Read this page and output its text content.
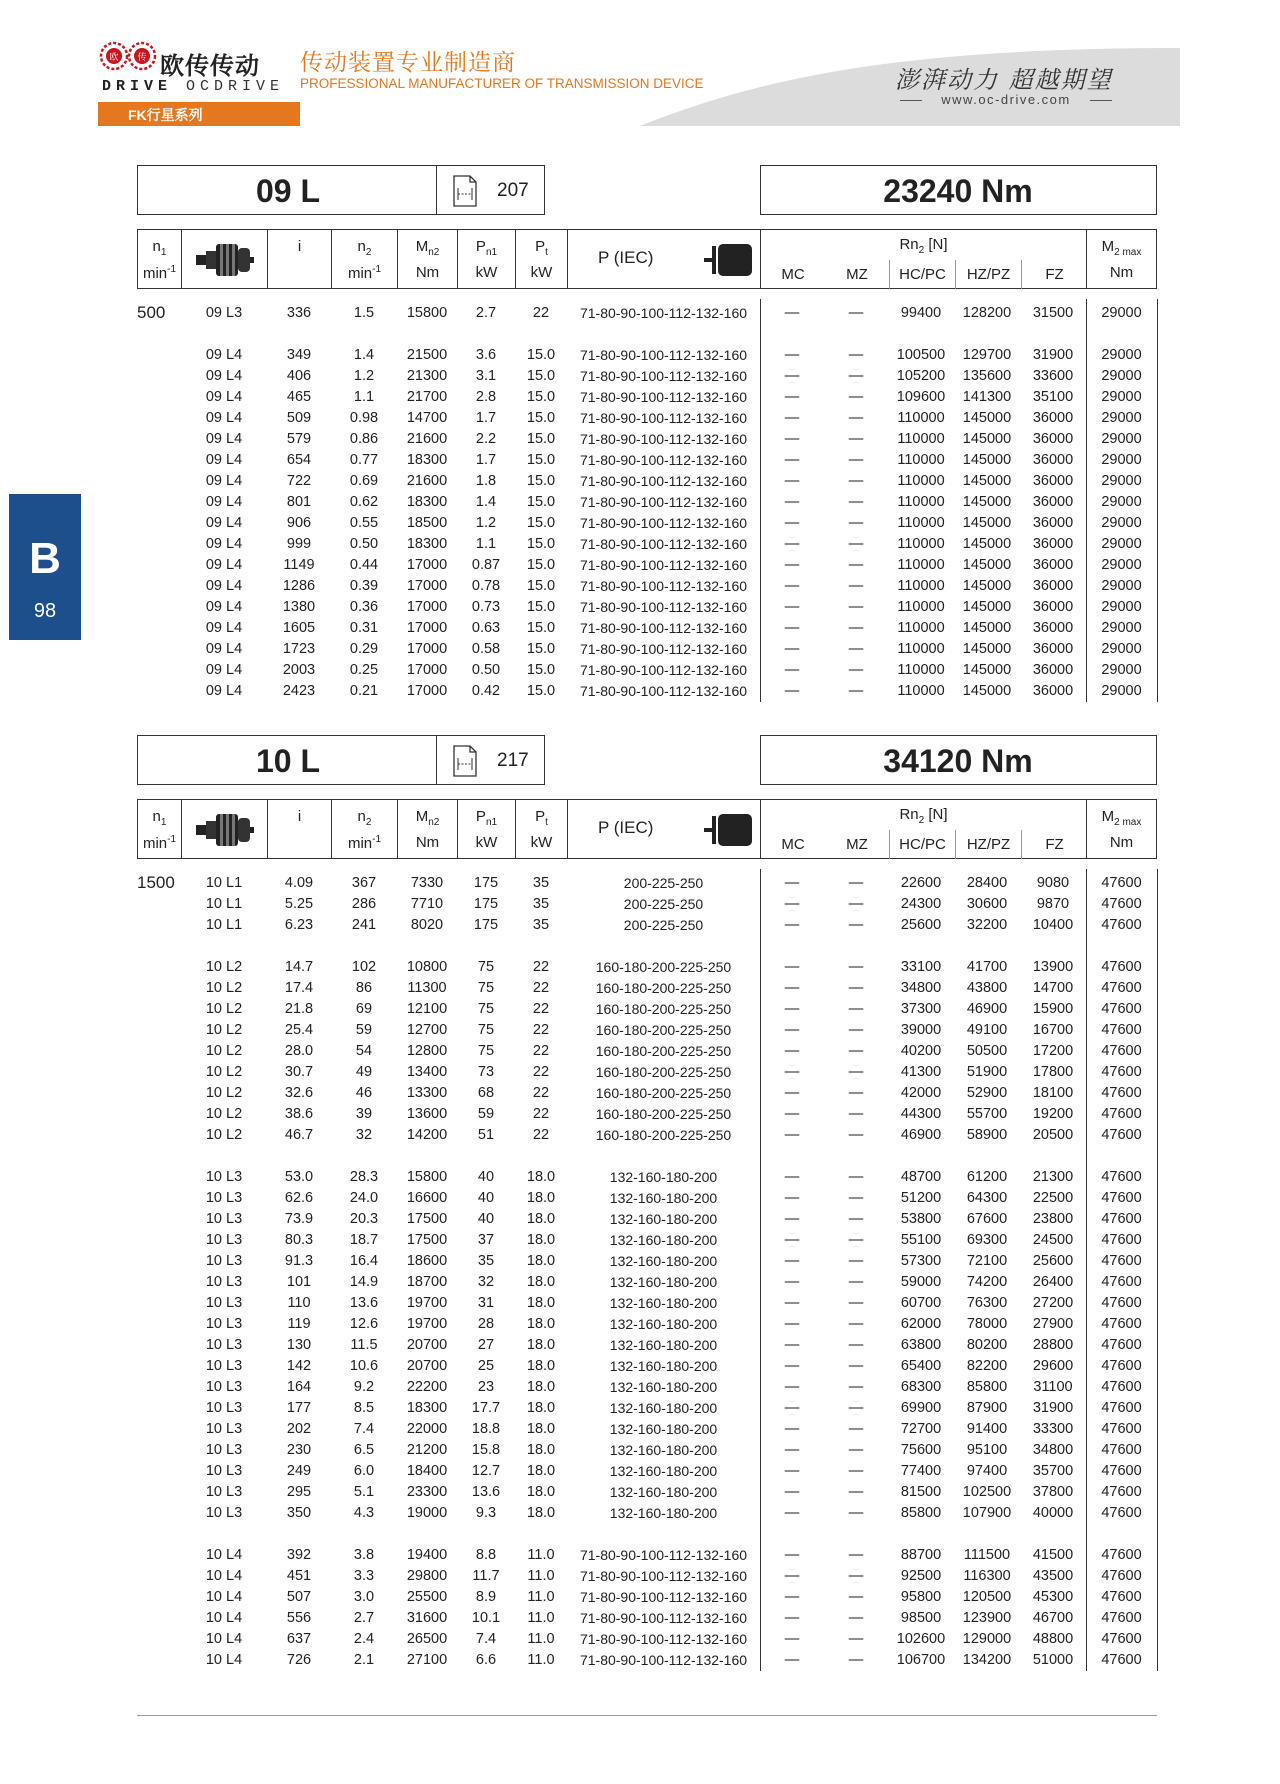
欧 传 欧传传动
DRIVE OCDRIVE
传动装置专业制造商
PROFESSIONAL MANUFACTURER OF TRANSMISSION DEVICE	澎湃动力 超越期望
www.oc-drive.com
FK行星系列
B
98
09 L	207	23240 Nm
$n_1$
$\min^{-1}$
i	$n_2$
$\min^{-1}$
$M_{n2}$
Nm
$P_{n1}$
kW
$P_t$
kW
P (IEC)
$Rn_2$ [N]
MC	MZ	HC/PC	HZ/PZ	FZ
$M_{2 max}$
Nm
500	09 L3	336	1.5	15800	2.7	22	71-80-90-100-112-132-160	—	—	99400	128200	31500	29000
09 L4	349	1.4	21500	3.6	15.0	71-80-90-100-112-132-160	—	—	100500	129700	31900	29000
09 L4	406	1.2	21300	3.1	15.0	71-80-90-100-112-132-160	—	—	105200	135600	33600	29000
09 L4	465	1.1	21700	2.8	15.0	71-80-90-100-112-132-160	—	—	109600	141300	35100	29000
09 L4	509	0.98	14700	1.7	15.0	71-80-90-100-112-132-160	—	—	110000	145000	36000	29000
09 L4	579	0.86	21600	2.2	15.0	71-80-90-100-112-132-160	—	—	110000	145000	36000	29000
09 L4	654	0.77	18300	1.7	15.0	71-80-90-100-112-132-160	—	—	110000	145000	36000	29000
09 L4	722	0.69	21600	1.8	15.0	71-80-90-100-112-132-160	—	—	110000	145000	36000	29000
09 L4	801	0.62	18300	1.4	15.0	71-80-90-100-112-132-160	—	—	110000	145000	36000	29000
09 L4	906	0.55	18500	1.2	15.0	71-80-90-100-112-132-160	—	—	110000	145000	36000	29000
09 L4	999	0.50	18300	1.1	15.0	71-80-90-100-112-132-160	—	—	110000	145000	36000	29000
09 L4	1149	0.44	17000	0.87	15.0	71-80-90-100-112-132-160	—	—	110000	145000	36000	29000
09 L4	1286	0.39	17000	0.78	15.0	71-80-90-100-112-132-160	—	—	110000	145000	36000	29000
09 L4	1380	0.36	17000	0.73	15.0	71-80-90-100-112-132-160	—	—	110000	145000	36000	29000
09 L4	1605	0.31	17000	0.63	15.0	71-80-90-100-112-132-160	—	—	110000	145000	36000	29000
09 L4	1723	0.29	17000	0.58	15.0	71-80-90-100-112-132-160	—	—	110000	145000	36000	29000
09 L4	2003	0.25	17000	0.50	15.0	71-80-90-100-112-132-160	—	—	110000	145000	36000	29000
09 L4	2423	0.21	17000	0.42	15.0	71-80-90-100-112-132-160	—	—	110000	145000	36000	29000
10 L	217	34120 Nm
$n_1$
$\min^{-1}$
i	$n_2$
$\min^{-1}$
$M_{n2}$
Nm
$P_{n1}$
kW
$P_t$
kW
P (IEC)
$Rn_2$ [N]
MC	MZ	HC/PC	HZ/PZ	FZ
$M_{2 max}$
Nm
1500	10 L1	4.09	367	7330	175	35	200-225-250	—	—	22600	28400	9080	47600
10 L1	5.25	286	7710	175	35	200-225-250	—	—	24300	30600	9870	47600
10 L1	6.23	241	8020	175	35	200-225-250	—	—	25600	32200	10400	47600
10 L2	14.7	102	10800	75	22	160-180-200-225-250	—	—	33100	41700	13900	47600
10 L2	17.4	86	11300	75	22	160-180-200-225-250	—	—	34800	43800	14700	47600
10 L2	21.8	69	12100	75	22	160-180-200-225-250	—	—	37300	46900	15900	47600
10 L2	25.4	59	12700	75	22	160-180-200-225-250	—	—	39000	49100	16700	47600
10 L2	28.0	54	12800	75	22	160-180-200-225-250	—	—	40200	50500	17200	47600
10 L2	30.7	49	13400	73	22	160-180-200-225-250	—	—	41300	51900	17800	47600
10 L2	32.6	46	13300	68	22	160-180-200-225-250	—	—	42000	52900	18100	47600
10 L2	38.6	39	13600	59	22	160-180-200-225-250	—	—	44300	55700	19200	47600
10 L2	46.7	32	14200	51	22	160-180-200-225-250	—	—	46900	58900	20500	47600
10 L3	53.0	28.3	15800	40	18.0	132-160-180-200	—	—	48700	61200	21300	47600
10 L3	62.6	24.0	16600	40	18.0	132-160-180-200	—	—	51200	64300	22500	47600
10 L3	73.9	20.3	17500	40	18.0	132-160-180-200	—	—	53800	67600	23800	47600
10 L3	80.3	18.7	17500	37	18.0	132-160-180-200	—	—	55100	69300	24500	47600
10 L3	91.3	16.4	18600	35	18.0	132-160-180-200	—	—	57300	72100	25600	47600
10 L3	101	14.9	18700	32	18.0	132-160-180-200	—	—	59000	74200	26400	47600
10 L3	110	13.6	19700	31	18.0	132-160-180-200	—	—	60700	76300	27200	47600
10 L3	119	12.6	19700	28	18.0	132-160-180-200	—	—	62000	78000	27900	47600
10 L3	130	11.5	20700	27	18.0	132-160-180-200	—	—	63800	80200	28800	47600
10 L3	142	10.6	20700	25	18.0	132-160-180-200	—	—	65400	82200	29600	47600
10 L3	164	9.2	22200	23	18.0	132-160-180-200	—	—	68300	85800	31100	47600
10 L3	177	8.5	18300	17.7	18.0	132-160-180-200	—	—	69900	87900	31900	47600
10 L3	202	7.4	22000	18.8	18.0	132-160-180-200	—	—	72700	91400	33300	47600
10 L3	230	6.5	21200	15.8	18.0	132-160-180-200	—	—	75600	95100	34800	47600
10 L3	249	6.0	18400	12.7	18.0	132-160-180-200	—	—	77400	97400	35700	47600
10 L3	295	5.1	23300	13.6	18.0	132-160-180-200	—	—	81500	102500	37800	47600
10 L3	350	4.3	19000	9.3	18.0	132-160-180-200	—	—	85800	107900	40000	47600
10 L4	392	3.8	19400	8.8	11.0	71-80-90-100-112-132-160	—	—	88700	111500	41500	47600
10 L4	451	3.3	29800	11.7	11.0	71-80-90-100-112-132-160	—	—	92500	116300	43500	47600
10 L4	507	3.0	25500	8.9	11.0	71-80-90-100-112-132-160	—	—	95800	120500	45300	47600
10 L4	556	2.7	31600	10.1	11.0	71-80-90-100-112-132-160	—	—	98500	123900	46700	47600
10 L4	637	2.4	26500	7.4	11.0	71-80-90-100-112-132-160	—	—	102600	129000	48800	47600
10 L4	726	2.1	27100	6.6	11.0	71-80-90-100-112-132-160	—	—	106700	134200	51000	47600
